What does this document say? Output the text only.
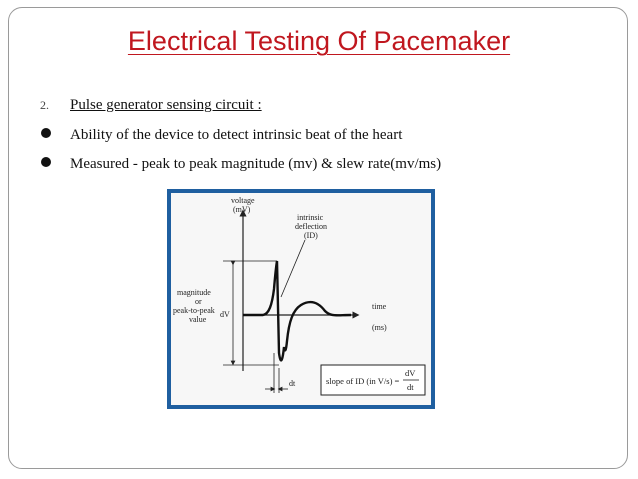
Electrical Testing Of Pacemaker
2. Pulse generator sensing circuit :
Ability of the device to detect intrinsic beat of the heart
Measured - peak to peak magnitude (mv) & slew rate(mv/ms)
voltage
(mV)
time
(ms)
dV
intrinsic
deflection
(ID)
magnitude
or
peak-to-peak
value
dt	slope of ID (in V/s) =
dV
dt
